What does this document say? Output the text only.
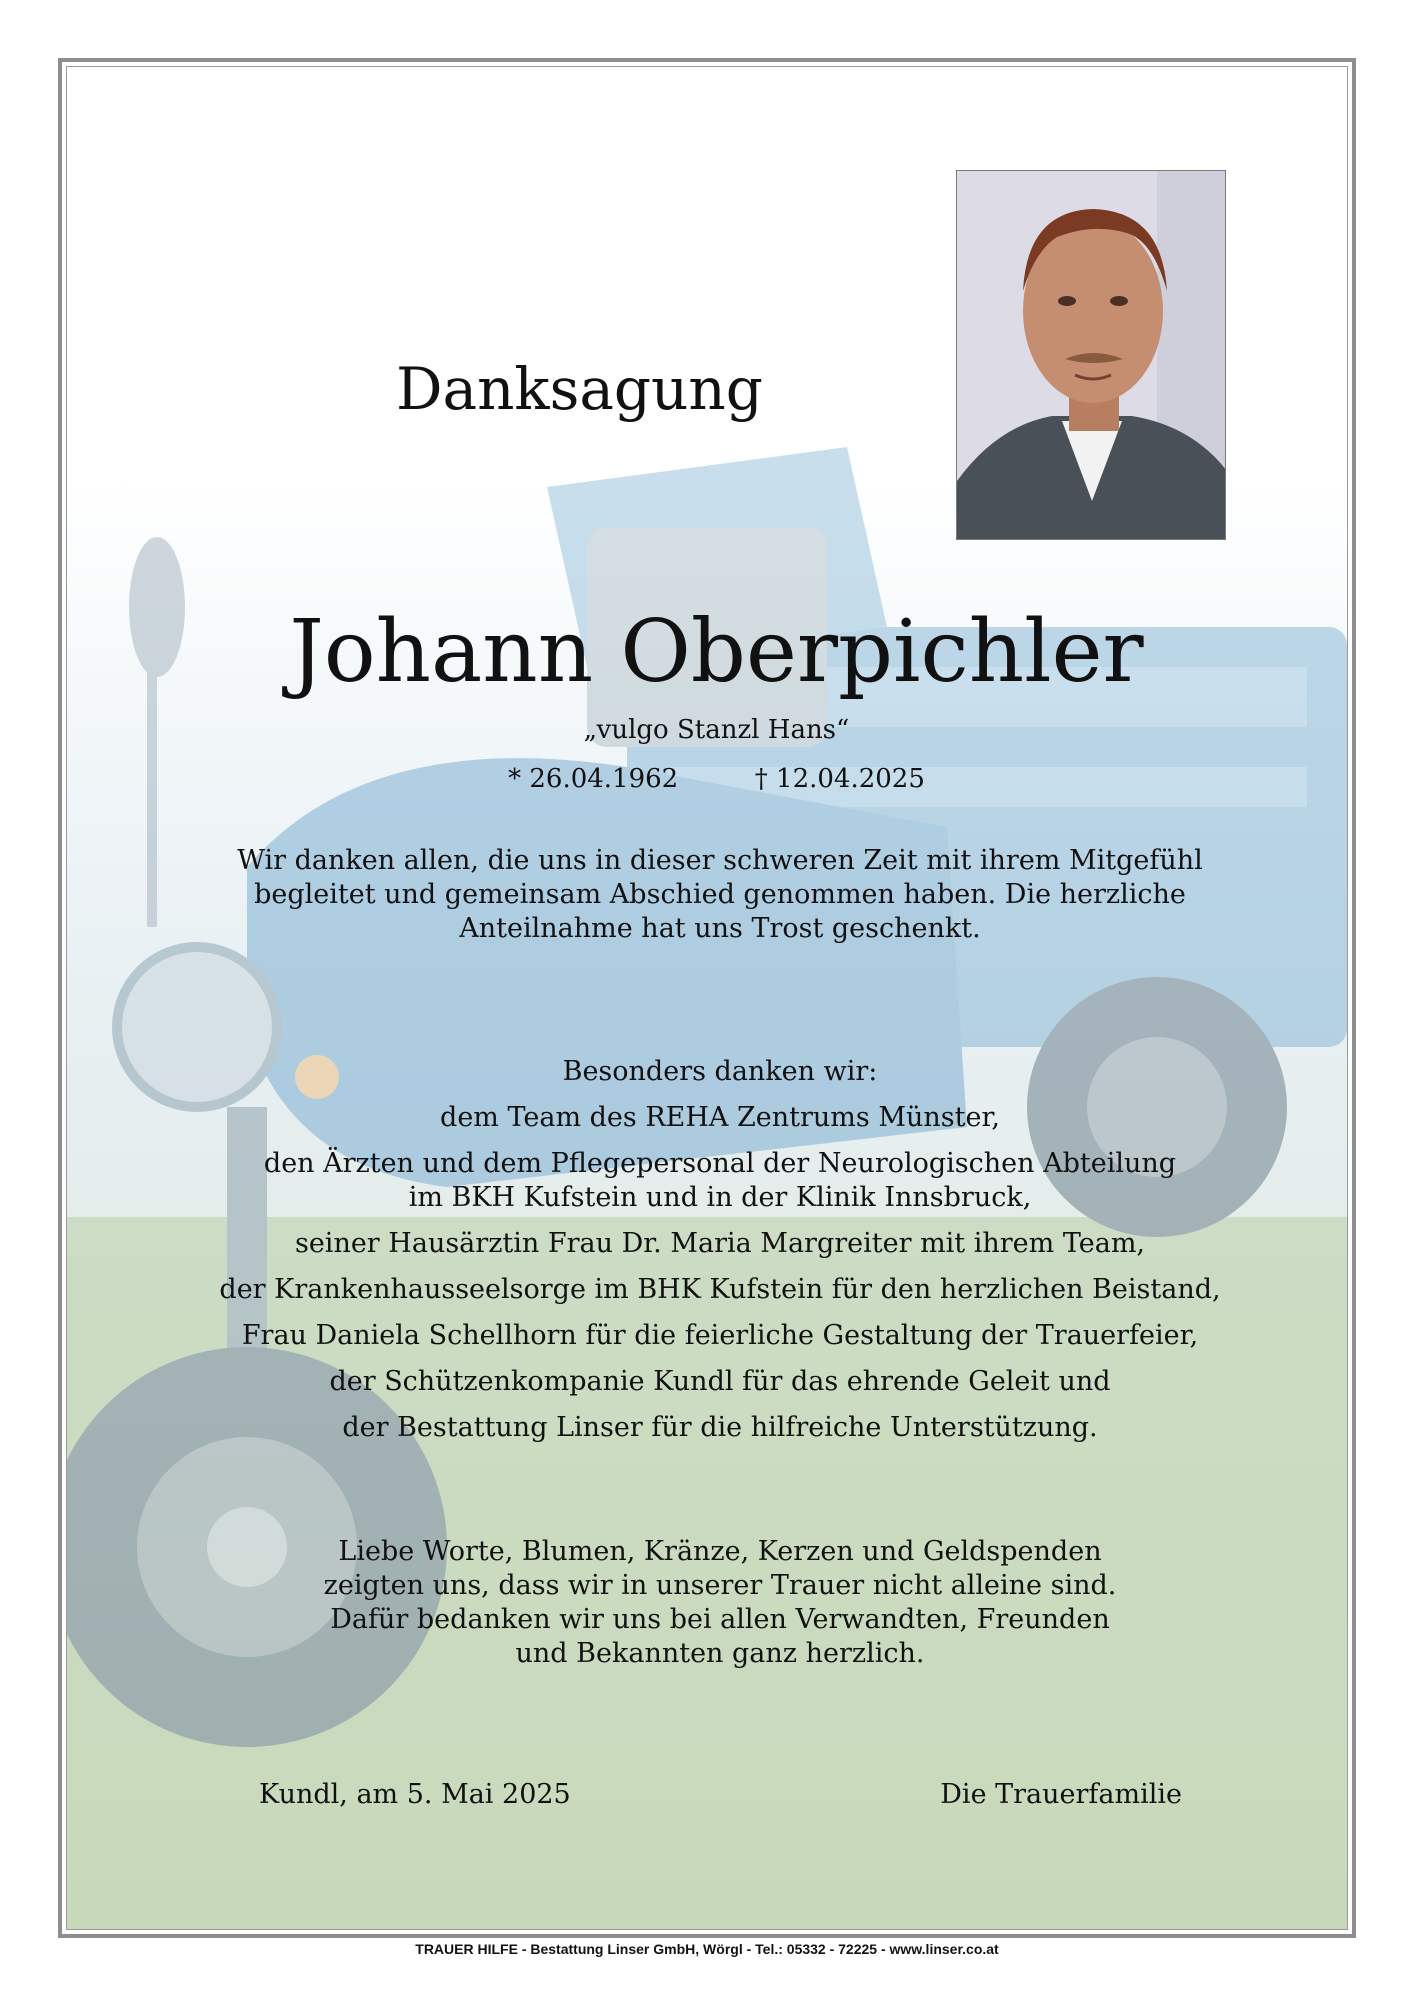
Danksagung
Johann Oberpichler
„vulgo Stanzl Hans“
* 26.04.1962	† 12.04.2025
Wir danken allen, die uns in dieser schweren Zeit mit ihrem Mitgefühl
begleitet und gemeinsam Abschied genommen haben. Die herzliche
Anteilnahme hat uns Trost geschenkt.
Besonders danken wir:
dem Team des REHA Zentrums Münster,
den Ärzten und dem Pflegepersonal der Neurologischen Abteilung
im BKH Kufstein und in der Klinik Innsbruck,
seiner Hausärztin Frau Dr. Maria Margreiter mit ihrem Team,
der Krankenhausseelsorge im BHK Kufstein für den herzlichen Beistand,
Frau Daniela Schellhorn für die feierliche Gestaltung der Trauerfeier,
der Schützenkompanie Kundl für das ehrende Geleit und
der Bestattung Linser für die hilfreiche Unterstützung.
Liebe Worte, Blumen, Kränze, Kerzen und Geldspenden
zeigten uns, dass wir in unserer Trauer nicht alleine sind.
Dafür bedanken wir uns bei allen Verwandten, Freunden
und Bekannten ganz herzlich.
Kundl, am 5. Mai 2025	Die Trauerfamilie
TRAUER HILFE - Bestattung Linser GmbH, Wörgl - Tel.: 05332 - 72225 - www.linser.co.at
